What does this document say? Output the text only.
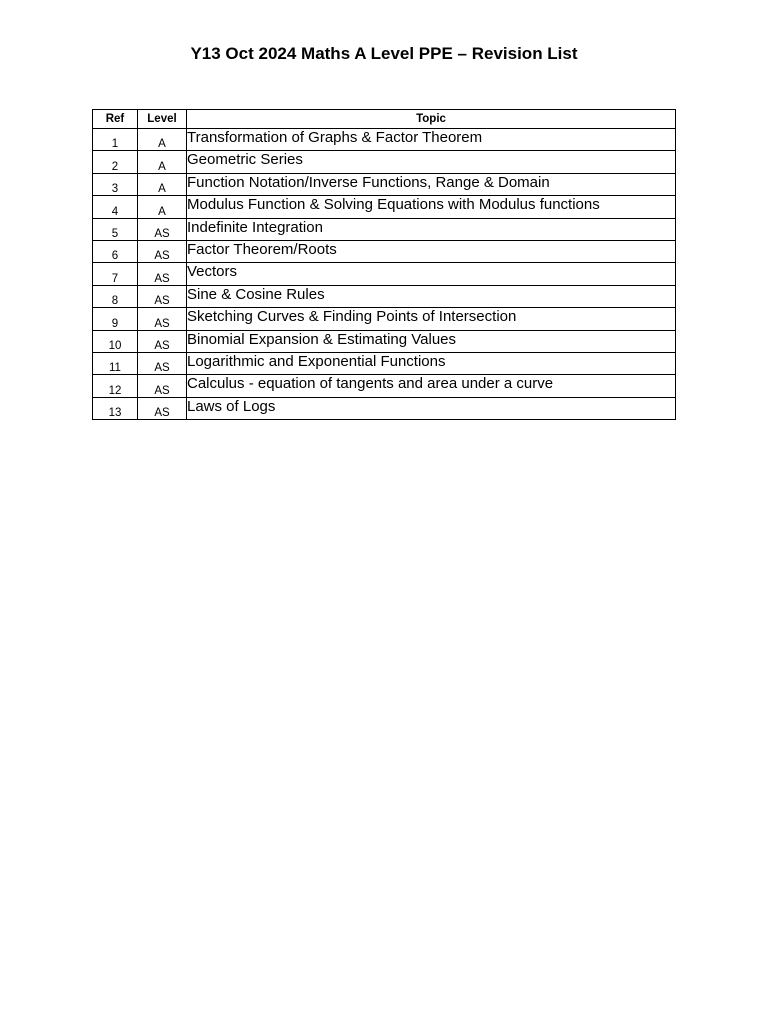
Y13 Oct 2024 Maths A Level PPE – Revision List
Ref	Level	Topic
1	A	Transformation of Graphs & Factor Theorem
2	A	Geometric Series
3	A	Function Notation/Inverse Functions, Range & Domain
4	A	Modulus Function & Solving Equations with Modulus functions
5	AS	Indefinite Integration
6	AS	Factor Theorem/Roots
7	AS	Vectors
8	AS	Sine & Cosine Rules
9	AS	Sketching Curves & Finding Points of Intersection
10	AS	Binomial Expansion & Estimating Values
11	AS	Logarithmic and Exponential Functions
12	AS	Calculus - equation of tangents and area under a curve
13	AS	Laws of Logs
